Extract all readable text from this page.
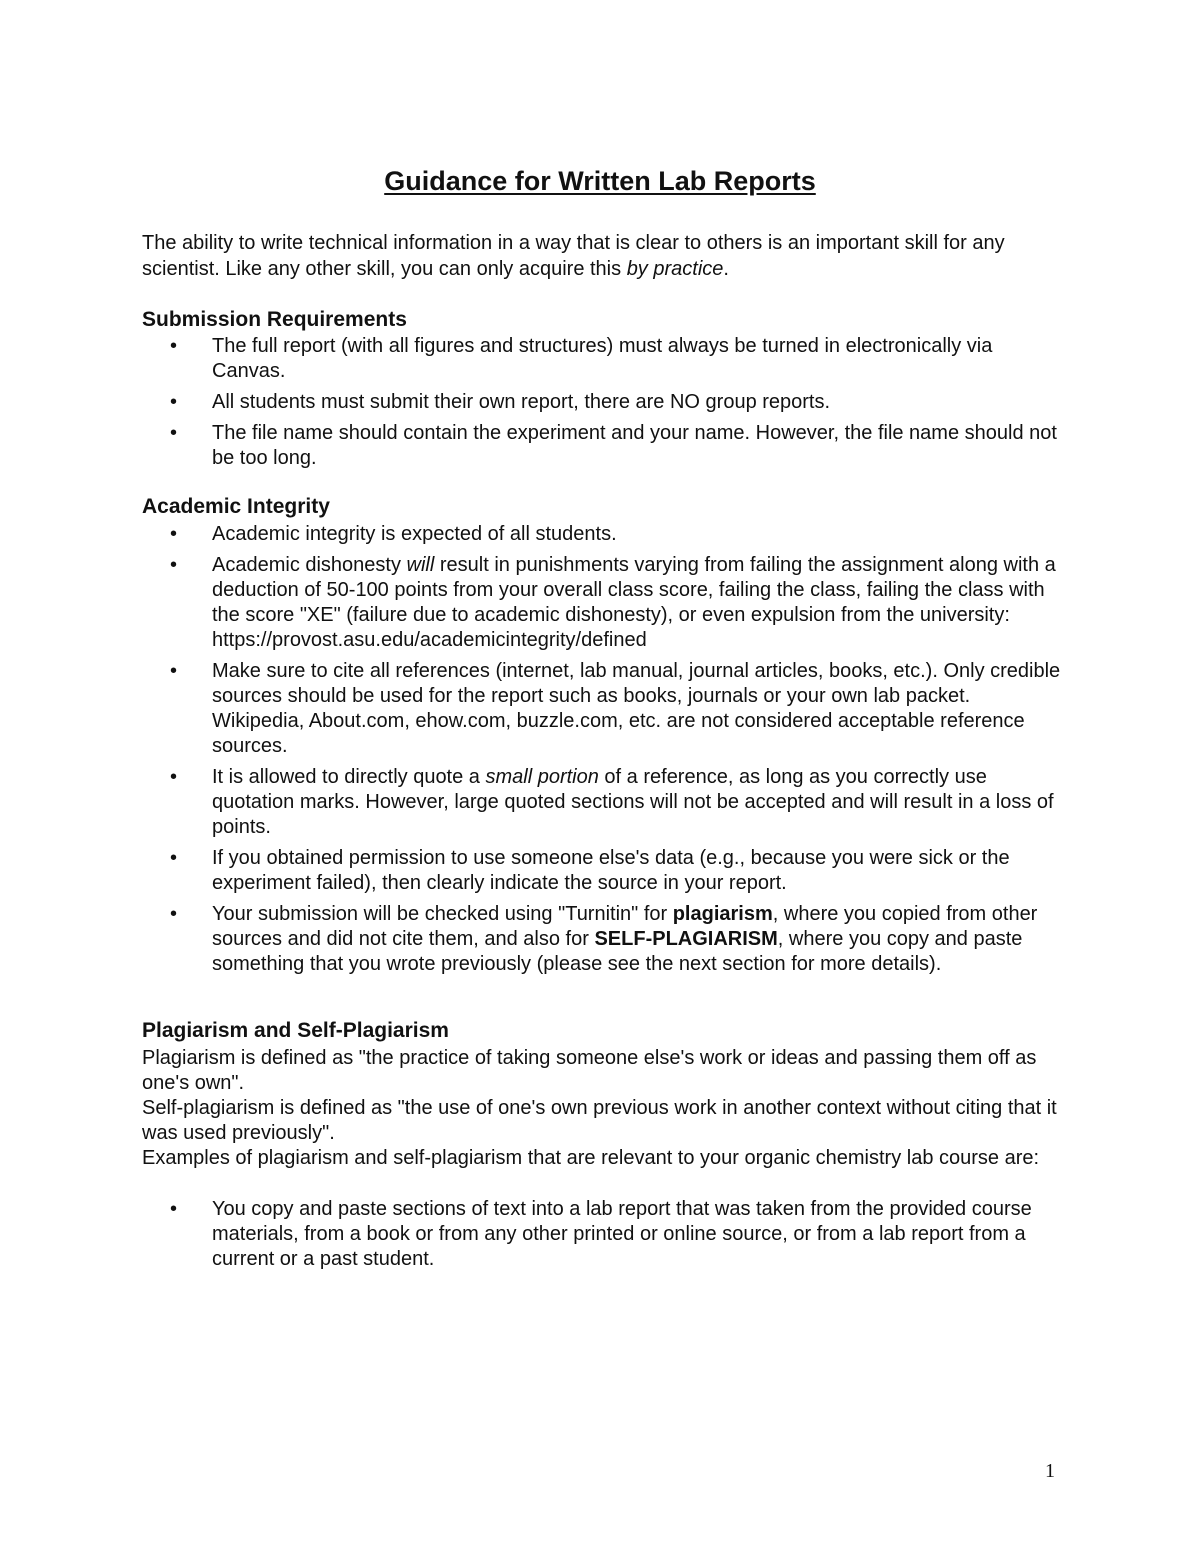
Guidance for Written Lab Reports

The ability to write technical information in a way that is clear to others is an important skill for any scientist. Like any other skill, you can only acquire this by practice.

Submission Requirements
• The full report (with all figures and structures) must always be turned in electronically via Canvas.
• All students must submit their own report, there are NO group reports.
• The file name should contain the experiment and your name. However, the file name should not be too long.
Academic Integrity
• Academic integrity is expected of all students.
• Academic dishonesty will result in punishments varying from failing the assignment along with a deduction of 50-100 points from your overall class score, failing the class, failing the class with the score "XE" (failure due to academic dishonesty), or even expulsion from the university: https://provost.asu.edu/academicintegrity/defined
• Make sure to cite all references (internet, lab manual, journal articles, books, etc.). Only credible sources should be used for the report such as books, journals or your own lab packet. Wikipedia, About.com, ehow.com, buzzle.com, etc. are not considered acceptable reference sources.
• It is allowed to directly quote a small portion of a reference, as long as you correctly use quotation marks. However, large quoted sections will not be accepted and will result in a loss of points.
• If you obtained permission to use someone else's data (e.g., because you were sick or the experiment failed), then clearly indicate the source in your report.
• Your submission will be checked using "Turnitin" for plagiarism, where you copied from other sources and did not cite them, and also for SELF-PLAGIARISM, where you copy and paste something that you wrote previously (please see the next section for more details).
Plagiarism and Self-Plagiarism

Plagiarism is defined as "the practice of taking someone else's work or ideas and passing them off as one's own".

Self-plagiarism is defined as "the use of one's own previous work in another context without citing that it was used previously".

Examples of plagiarism and self-plagiarism that are relevant to your organic chemistry lab course are:

• You copy and paste sections of text into a lab report that was taken from the provided course materials, from a book or from any other printed or online source, or from a lab report from a current or a past student.
1
